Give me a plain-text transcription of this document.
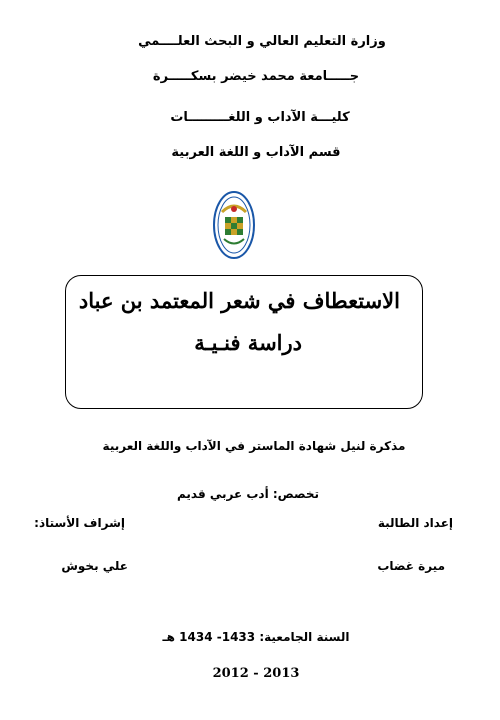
وزارة التعليم العالي و البحث العلــــمي
جـــــامعة محمد خيضر بسكـــــرة
كليـــة الآداب و اللغـــــــــات
قسم الآداب و اللغة العربية
الاستعطاف في شعر المعتمد بن عباد
دراسة فنـيـة
مذكرة لنيل شهادة الماستر في الآداب واللغة العربية
تخصص: أدب عربي قديم
إعداد الطالبة
إشراف الأستاذ:
ميرة غضاب
علي بخوش
السنة الجامعية: 1433- 1434 هـ
2012 - 2013
